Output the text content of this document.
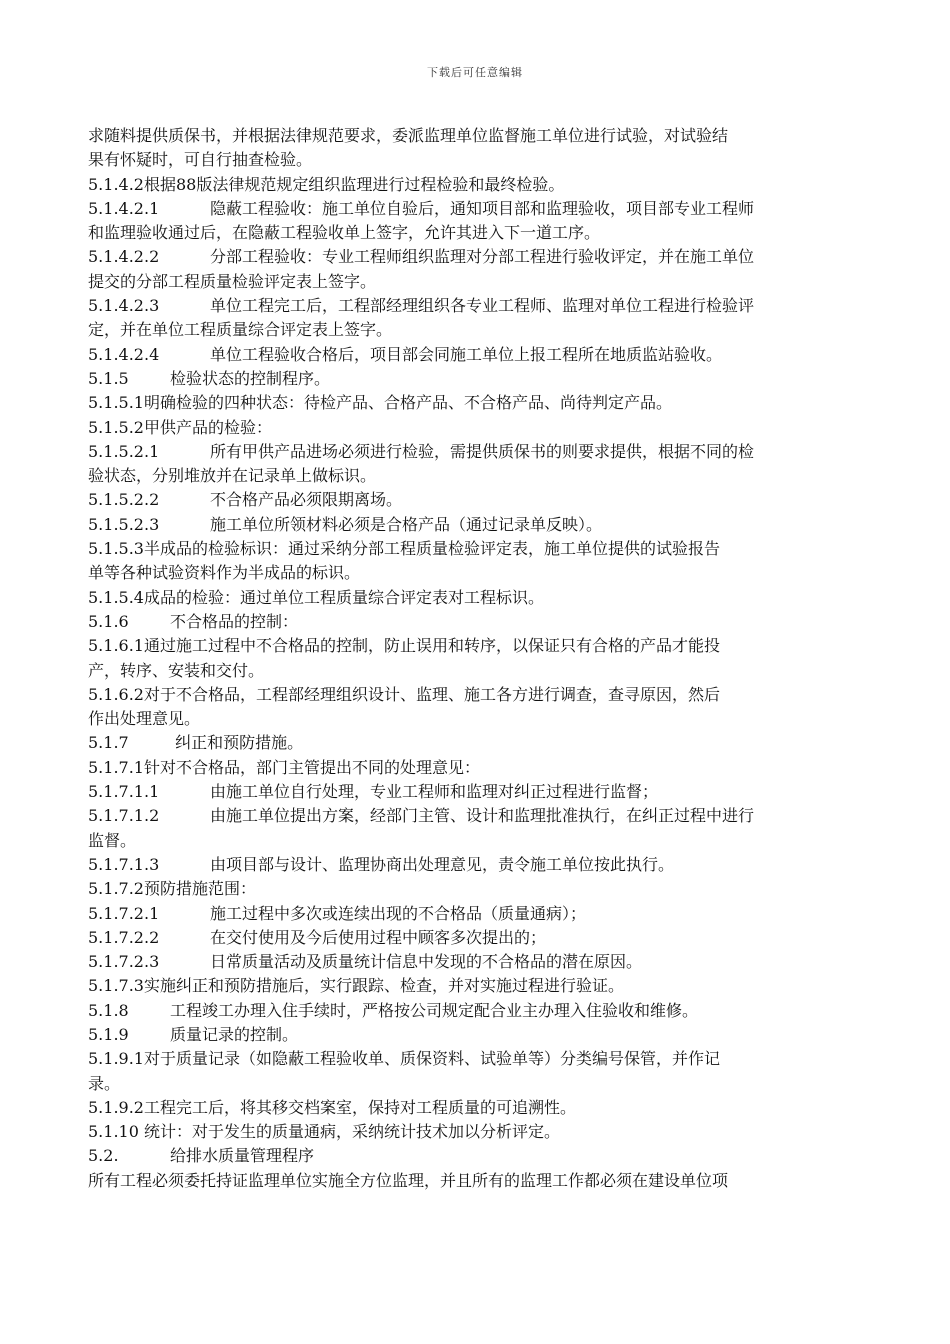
下载后可任意编辑
求随料提供质保书，并根据法律规范要求，委派监理单位监督施工单位进行试验，对试验结
果有怀疑时，可自行抽查检验。
5.1.4.2根据88版法律规范规定组织监理进行过程检验和最终检验。
5.1.4.2.1	隐蔽工程验收：施工单位自验后，通知项目部和监理验收，项目部专业工程师
和监理验收通过后，在隐蔽工程验收单上签字，允许其进入下一道工序。
5.1.4.2.2	分部工程验收：专业工程师组织监理对分部工程进行验收评定，并在施工单位
提交的分部工程质量检验评定表上签字。
5.1.4.2.3	单位工程完工后，工程部经理组织各专业工程师、监理对单位工程进行检验评
定，并在单位工程质量综合评定表上签字。
5.1.4.2.4	单位工程验收合格后，项目部会同施工单位上报工程所在地质监站验收。
5.1.5	检验状态的控制程序。
5.1.5.1明确检验的四种状态：待检产品、合格产品、不合格产品、尚待判定产品。
5.1.5.2甲供产品的检验：
5.1.5.2.1	所有甲供产品进场必须进行检验，需提供质保书的则要求提供，根据不同的检
验状态，分别堆放并在记录单上做标识。
5.1.5.2.2	不合格产品必须限期离场。
5.1.5.2.3	施工单位所领材料必须是合格产品（通过记录单反映）。
5.1.5.3半成品的检验标识：通过采纳分部工程质量检验评定表，施工单位提供的试验报告
单等各种试验资料作为半成品的标识。
5.1.5.4成品的检验：通过单位工程质量综合评定表对工程标识。
5.1.6	不合格品的控制：
5.1.6.1通过施工过程中不合格品的控制，防止误用和转序，以保证只有合格的产品才能投
产，转序、安装和交付。
5.1.6.2对于不合格品，工程部经理组织设计、监理、施工各方进行调查，查寻原因，然后
作出处理意见。
5.1.7	纠正和预防措施。
5.1.7.1针对不合格品，部门主管提出不同的处理意见：
5.1.7.1.1	由施工单位自行处理，专业工程师和监理对纠正过程进行监督；
5.1.7.1.2	由施工单位提出方案，经部门主管、设计和监理批准执行，在纠正过程中进行
监督。
5.1.7.1.3	由项目部与设计、监理协商出处理意见，责令施工单位按此执行。
5.1.7.2预防措施范围：
5.1.7.2.1	施工过程中多次或连续出现的不合格品（质量通病）；
5.1.7.2.2	在交付使用及今后使用过程中顾客多次提出的；
5.1.7.2.3	日常质量活动及质量统计信息中发现的不合格品的潜在原因。
5.1.7.3实施纠正和预防措施后，实行跟踪、检查，并对实施过程进行验证。
5.1.8	工程竣工办理入住手续时，严格按公司规定配合业主办理入住验收和维修。
5.1.9	质量记录的控制。
5.1.9.1对于质量记录（如隐蔽工程验收单、质保资料、试验单等）分类编号保管，并作记
录。
5.1.9.2工程完工后，将其移交档案室，保持对工程质量的可追溯性。
5.1.10 统计：对于发生的质量通病，采纳统计技术加以分析评定。
5.2.	给排水质量管理程序
所有工程必须委托持证监理单位实施全方位监理，并且所有的监理工作都必须在建设单位项
